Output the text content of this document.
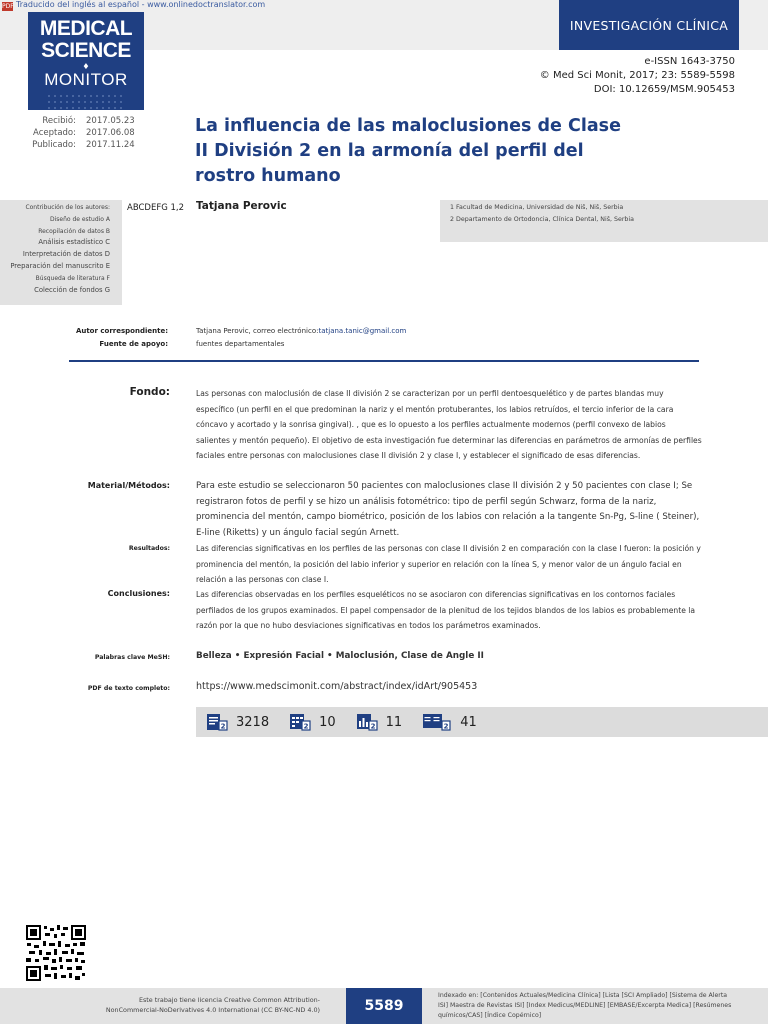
PDF Traducido del inglés al español - www.onlinedoctranslator.com
MEDICAL
SCIENCE
♦
MONITOR
INVESTIGACIÓN CLÍNICA
e-ISSN 1643-3750
© Med Sci Monit, 2017; 23: 5589-5598
DOI: 10.12659/MSM.905453
Recibió: 2017.05.23
Aceptado: 2017.06.08
Publicado: 2017.11.24
La influencia de las maloclusiones de Clase II División 2 en la armonía del perfil del rostro humano
Contribución de los autores:
Diseño de estudio A
Recopilación de datos B
Análisis estadístico C
Interpretación de datos D
Preparación del manuscrito E
Búsqueda de literatura F
Colección de fondos G
ABCDEFG 1,2 Tatjana Perovic	1 Facultad de Medicina, Universidad de Niš, Niš, Serbia
2 Departamento de Ortodoncia, Clínica Dental, Niš, Serbia
Autor correspondiente:	Tatjana Perovic, correo electrónico:tatjana.tanic@gmail.com
Fuente de apoyo:	fuentes departamentales
Fondo:	Las personas con maloclusión de clase II división 2 se caracterizan por un perfil dentoesquelético y de partes blandas muy específico (un perfil en el que predominan la nariz y el mentón protuberantes, los labios retruídos, el tercio inferior de la cara cóncavo y acortado y la sonrisa gingival). , que es lo opuesto a los perfiles actualmente modernos (perfil convexo de labios salientes y mentón pequeño). El objetivo de esta investigación fue determinar las diferencias en parámetros de armonías de perfiles faciales entre personas con maloclusiones clase II división 2 y clase I, y establecer el significado de esas diferencias.
Material/Métodos:	Para este estudio se seleccionaron 50 pacientes con maloclusiones clase II división 2 y 50 pacientes con clase I; Se registraron fotos de perfil y se hizo un análisis fotométrico: tipo de perfil según Schwarz, forma de la nariz, prominencia del mentón, campo biométrico, posición de los labios con relación a la tangente Sn-Pg, S-line ( Steiner), E-line (Riketts) y un ángulo facial según Arnett.
Resultados:	Las diferencias significativas en los perfiles de las personas con clase II división 2 en comparación con la clase I fueron: la posición y prominencia del mentón, la posición del labio inferior y superior en relación con la línea S, y menor valor de un ángulo facial en relación a las personas con clase I.
Conclusiones:	Las diferencias observadas en los perfiles esqueléticos no se asociaron con diferencias significativas en los contornos faciales perfilados de los grupos examinados. El papel compensador de la plenitud de los tejidos blandos de los labios es probablemente la razón por la que no hubo desviaciones significativas en todos los parámetros examinados.
Palabras clave MeSH:	Belleza • Expresión Facial • Maloclusión, Clase de Angle II
PDF de texto completo:	https://www.medscimonit.com/abstract/index/idArt/905453
2 3218	2 10	2 11	2 41
Este trabajo tiene licencia Creative Common Attribution-NonCommercial-NoDerivatives 4.0 International (CC BY-NC-ND 4.0)	5589
Indexado en: [Contenidos Actuales/Medicina Clínica] [Lista [SCI Ampliado] [Sistema de Alerta ISI] Maestra de Revistas ISI] [Index Medicus/MEDLINE] [EMBASE/Excerpta Medica] [Resúmenes químicos/CAS] [Índice Copérnico]
